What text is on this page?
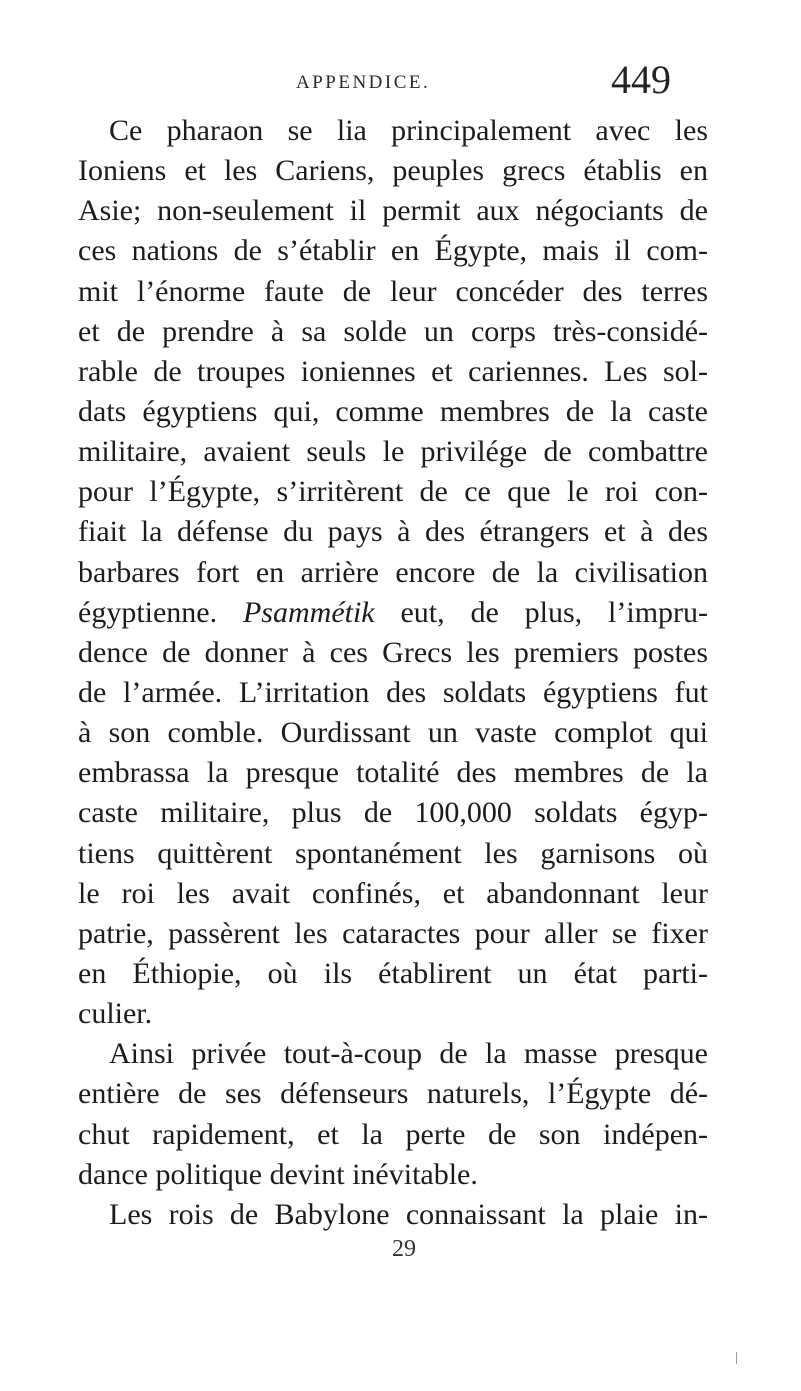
APPENDICE.	449
Ce pharaon se lia principalement avec les
Ioniens et les Cariens, peuples grecs établis en
Asie; non-seulement il permit aux négociants de
ces nations de s’établir en Égypte, mais il com-
mit l’énorme faute de leur concéder des terres
et de prendre à sa solde un corps très-considé-
rable de troupes ioniennes et cariennes. Les sol-
dats égyptiens qui, comme membres de la caste
militaire, avaient seuls le privilége de combattre
pour l’Égypte, s’irritèrent de ce que le roi con-
fiait la défense du pays à des étrangers et à des
barbares fort en arrière encore de la civilisation
égyptienne. Psammétik eut, de plus, l’impru-
dence de donner à ces Grecs les premiers postes
de l’armée. L’irritation des soldats égyptiens fut
à son comble. Ourdissant un vaste complot qui
embrassa la presque totalité des membres de la
caste militaire, plus de 100,000 soldats égyp-
tiens quittèrent spontanément les garnisons où
le roi les avait confinés, et abandonnant leur
patrie, passèrent les cataractes pour aller se fixer
en Éthiopie, où ils établirent un état parti-
culier.
Ainsi privée tout-à-coup de la masse presque
entière de ses défenseurs naturels, l’Égypte dé-
chut rapidement, et la perte de son indépen-
dance politique devint inévitable.
Les rois de Babylone connaissant la plaie in-
29
